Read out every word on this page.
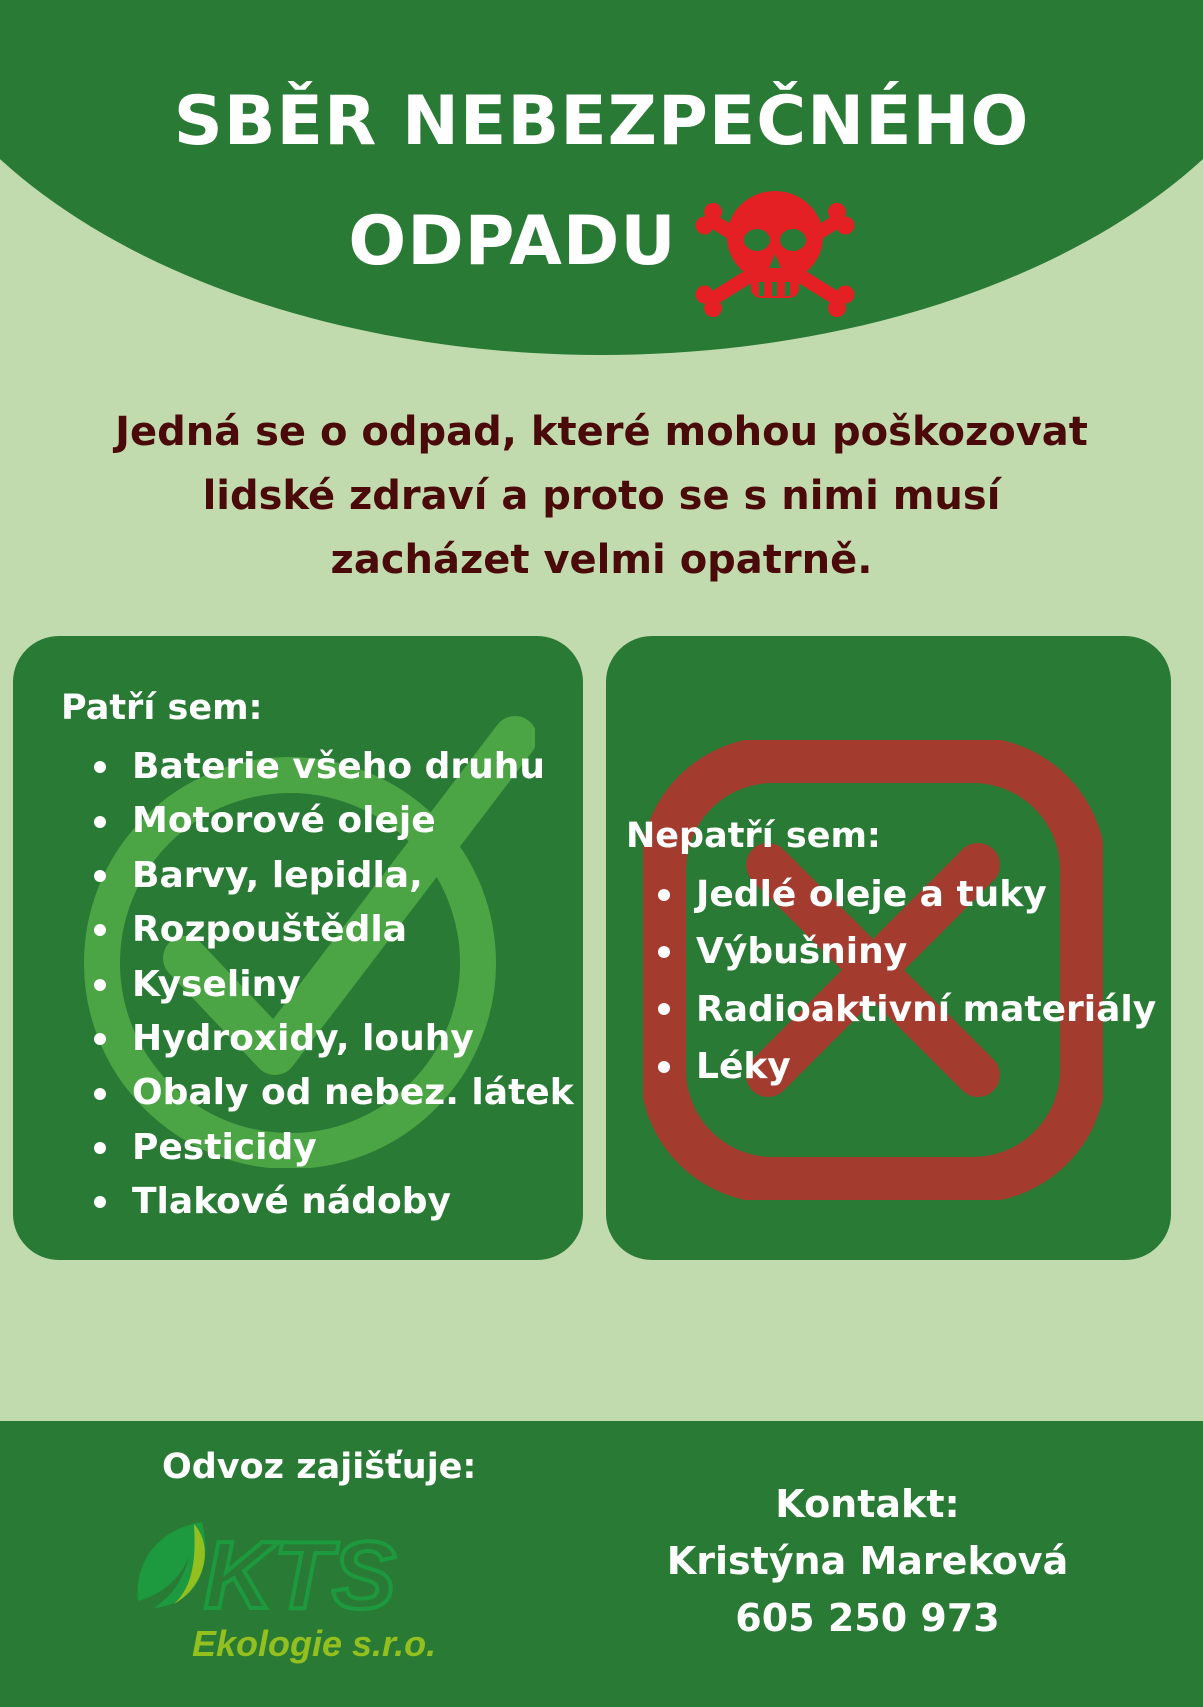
SBĚR NEBEZPEČNÉHO
ODPADU
Jedná se o odpad, které mohou poškozovat
lidské zdraví a proto se s nimi musí
zacházet velmi opatrně.
Patří sem:
Baterie všeho druhu
Motorové oleje
Barvy, lepidla,
Rozpouštědla
Kyseliny
Hydroxidy, louhy
Obaly od nebez. látek
Pesticidy
Tlakové nádoby
Nepatří sem:
Jedlé oleje a tuky
Výbušniny
Radioaktivní materiály
Léky
Odvoz zajišťuje:
KTS
Ekologie s.r.o.
Kontakt:
Kristýna Mareková
605 250 973
